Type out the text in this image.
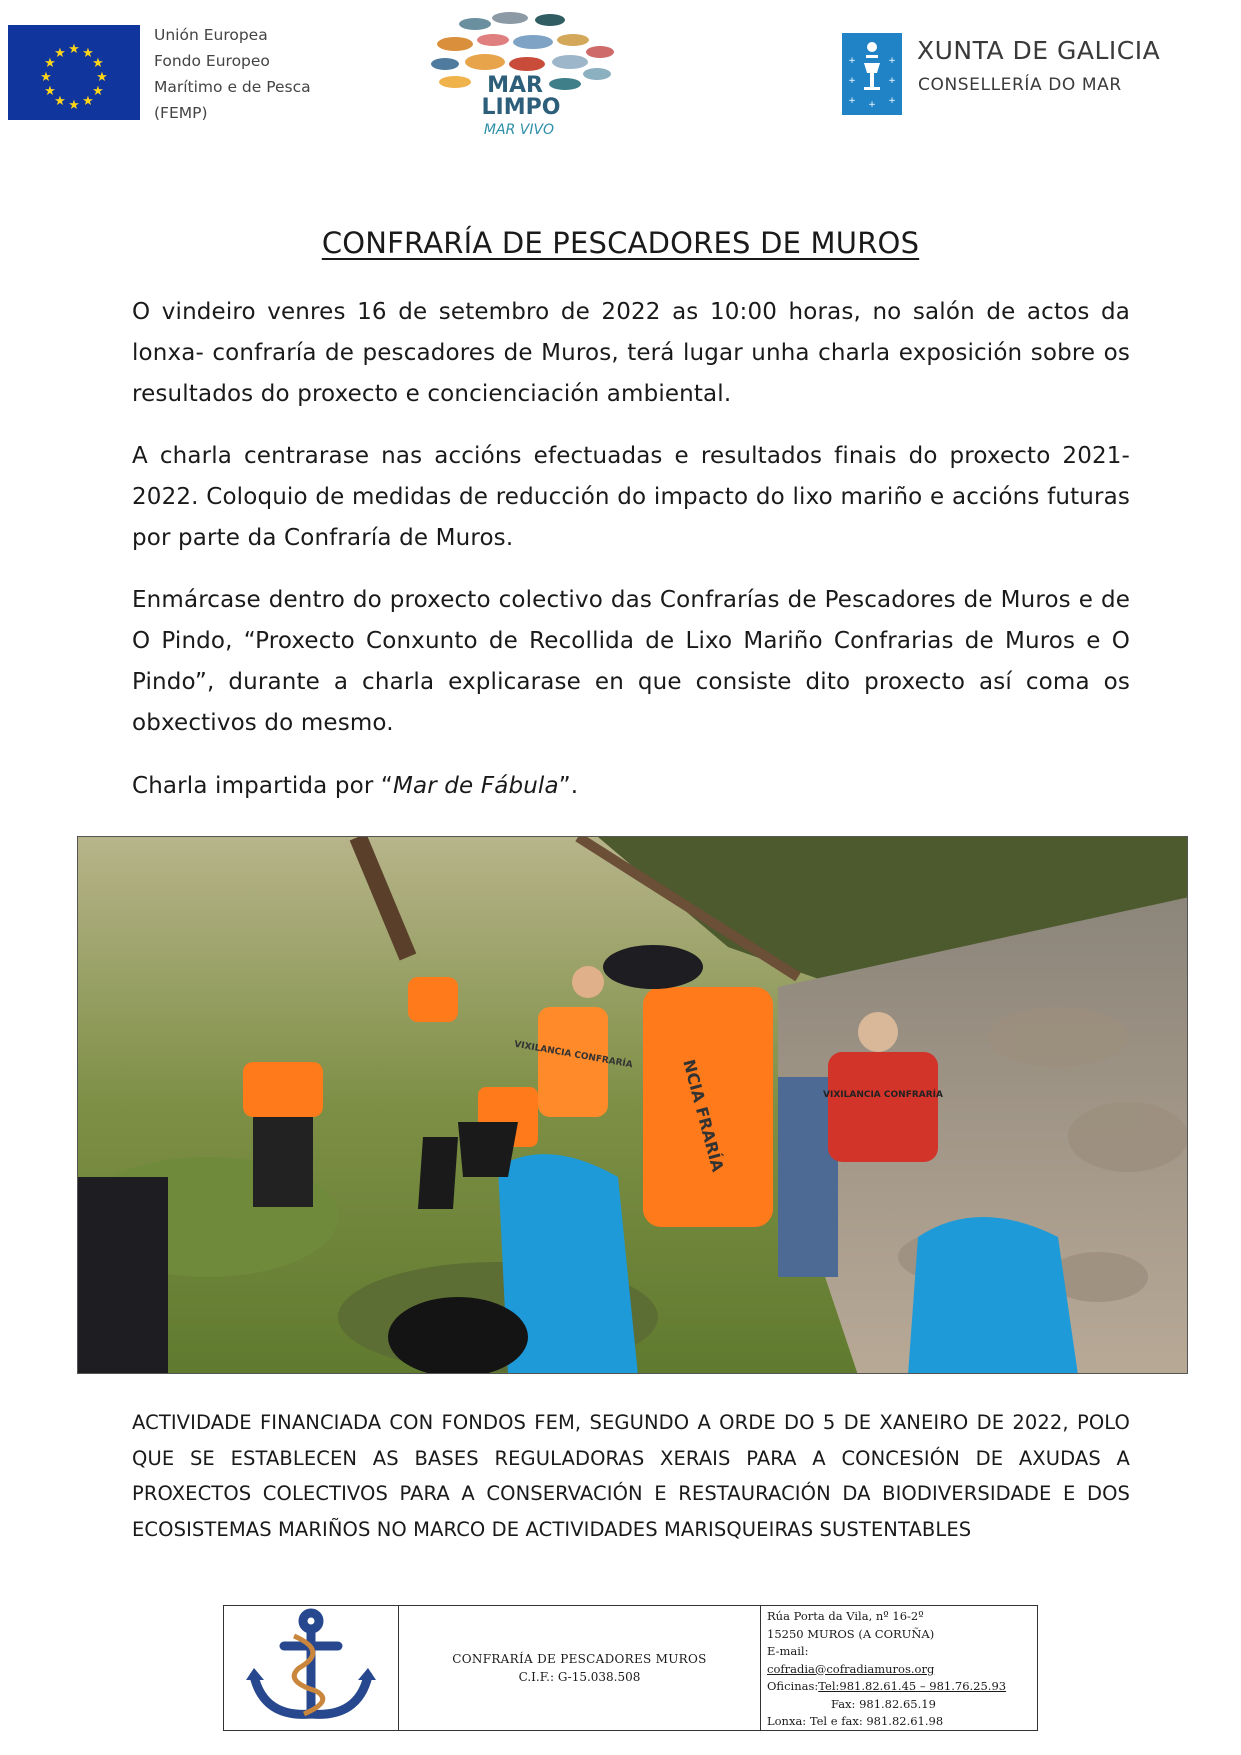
★ ★
★
★
★
★
★
★
★
★
★
★
Unión Europea
Fondo Europeo
Marítimo e de Pesca
(FEMP)
MAR
LIMPO
MAR VIVO
+	+
+	+
+	+
+
XUNTA DE GALICIA
CONSELLERÍA DO MAR
CONFRARÍA DE PESCADORES DE MUROS

O vindeiro venres 16 de setembro de 2022 as 10:00 horas, no salón de actos da lonxa- confraría de pescadores de Muros, terá lugar unha charla exposición sobre os resultados do proxecto e concienciación ambiental.

A charla centrarase nas accións efectuadas e resultados finais do proxecto 2021-2022. Coloquio de medidas de reducción do impacto do lixo mariño e accións futuras por parte da Confraría de Muros.

Enmárcase dentro do proxecto colectivo das Confrarías de Pescadores de Muros e de O Pindo, “Proxecto Conxunto de Recollida de Lixo Mariño Confrarias de Muros e O Pindo”, durante a charla explicarase en que consiste dito proxecto así coma os obxectivos do mesmo.

Charla impartida por “Mar de Fábula”.

VIXILANCIA CONFRARÍA
NCIA FRARÍA	VIXILANCIA CONFRARÍA

ACTIVIDADE FINANCIADA CON FONDOS FEM, SEGUNDO A ORDE DO 5 DE XANEIRO DE 2022, POLO QUE SE ESTABLECEN AS BASES REGULADORAS XERAIS PARA A CONCESIÓN DE AXUDAS A PROXECTOS COLECTIVOS PARA A CONSERVACIÓN E RESTAURACIÓN DA BIODIVERSIDADE E DOS ECOSISTEMAS MARIÑOS NO MARCO DE ACTIVIDADES MARISQUEIRAS SUSTENTABLES

CONFRARÍA DE PESCADORES MUROS
C.I.F.: G-15.038.508
Rúa Porta da Vila, nº 16-2º
15250 MUROS (A CORUÑA)
E-mail:
cofradia@cofradiamuros.org
Oficinas:Tel:981.82.61.45 – 981.76.25.93
Fax: 981.82.65.19
Lonxa: Tel e fax: 981.82.61.98
